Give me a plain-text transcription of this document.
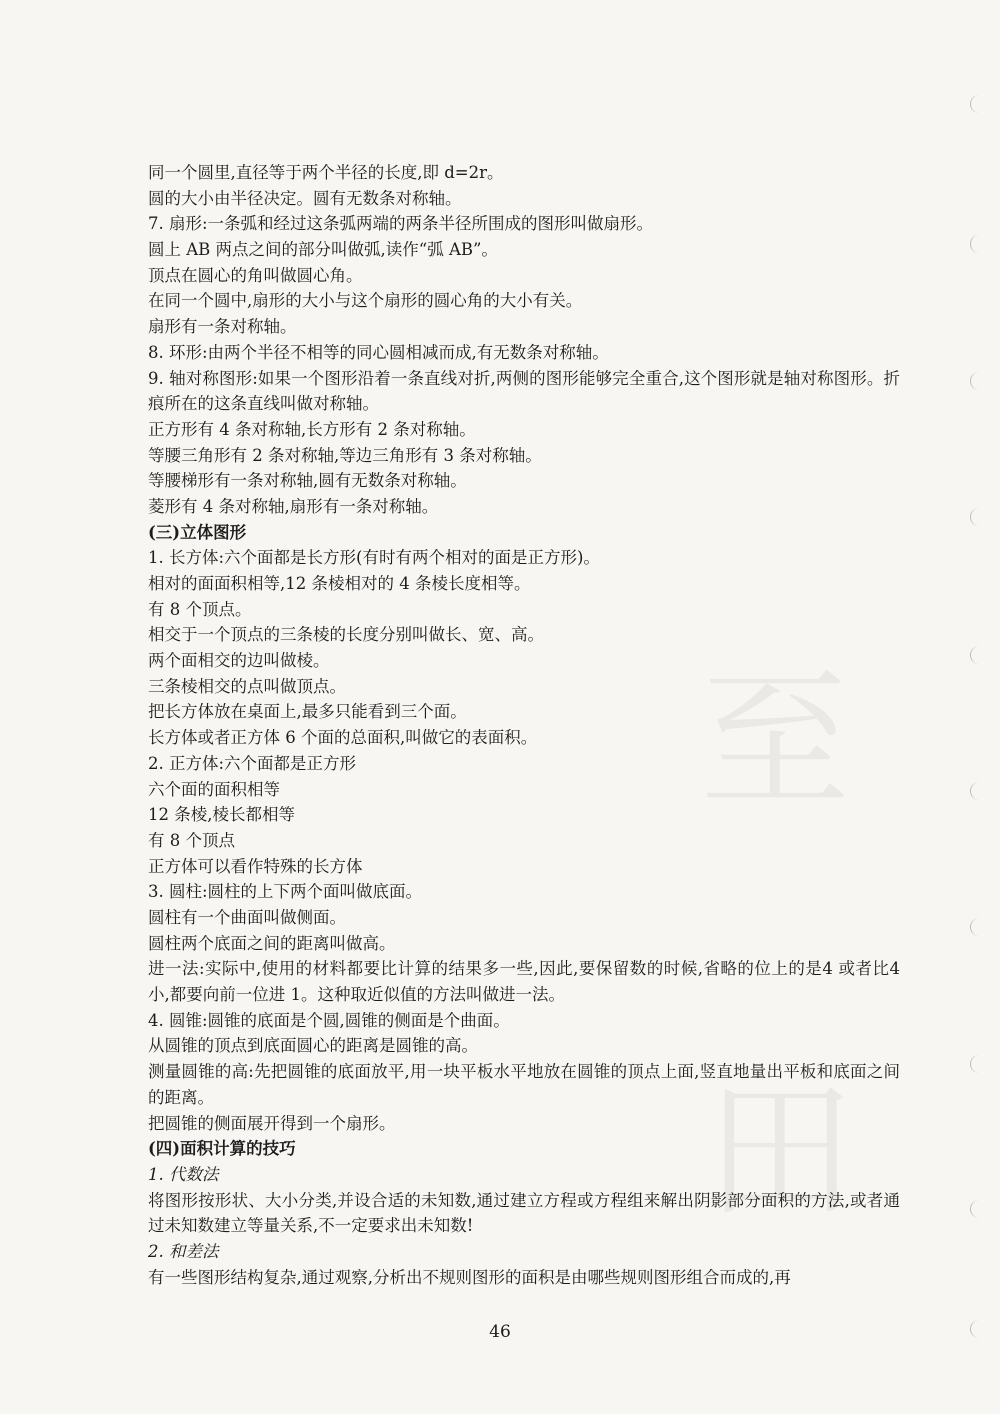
至
田
同一个圆里,直径等于两个半径的长度,即 d=2r。
圆的大小由半径决定。圆有无数条对称轴。
7. 扇形:一条弧和经过这条弧两端的两条半径所围成的图形叫做扇形。
圆上 AB 两点之间的部分叫做弧,读作“弧 AB”。
顶点在圆心的角叫做圆心角。
在同一个圆中,扇形的大小与这个扇形的圆心角的大小有关。
扇形有一条对称轴。
8. 环形:由两个半径不相等的同心圆相减而成,有无数条对称轴。
9. 轴对称图形:如果一个图形沿着一条直线对折,两侧的图形能够完全重合,这个图形就是轴对称图形。折痕所在的这条直线叫做对称轴。
正方形有 4 条对称轴,长方形有 2 条对称轴。
等腰三角形有 2 条对称轴,等边三角形有 3 条对称轴。
等腰梯形有一条对称轴,圆有无数条对称轴。
菱形有 4 条对称轴,扇形有一条对称轴。
(三)立体图形
1. 长方体:六个面都是长方形(有时有两个相对的面是正方形)。
相对的面面积相等,12 条棱相对的 4 条棱长度相等。
有 8 个顶点。
相交于一个顶点的三条棱的长度分别叫做长、宽、高。
两个面相交的边叫做棱。
三条棱相交的点叫做顶点。
把长方体放在桌面上,最多只能看到三个面。
长方体或者正方体 6 个面的总面积,叫做它的表面积。
2. 正方体:六个面都是正方形
六个面的面积相等
12 条棱,棱长都相等
有 8 个顶点
正方体可以看作特殊的长方体
3. 圆柱:圆柱的上下两个面叫做底面。
圆柱有一个曲面叫做侧面。
圆柱两个底面之间的距离叫做高。
进一法:实际中,使用的材料都要比计算的结果多一些,因此,要保留数的时候,省略的位上的是4 或者比4 小,都要向前一位进 1。这种取近似值的方法叫做进一法。
4. 圆锥:圆锥的底面是个圆,圆锥的侧面是个曲面。
从圆锥的顶点到底面圆心的距离是圆锥的高。
测量圆锥的高:先把圆锥的底面放平,用一块平板水平地放在圆锥的顶点上面,竖直地量出平板和底面之间的距离。
把圆锥的侧面展开得到一个扇形。
(四)面积计算的技巧
1. 代数法
将图形按形状、大小分类,并设合适的未知数,通过建立方程或方程组来解出阴影部分面积的方法,或者通过未知数建立等量关系,不一定要求出未知数!
2. 和差法
有一些图形结构复杂,通过观察,分析出不规则图形的面积是由哪些规则图形组合而成的,再
46
